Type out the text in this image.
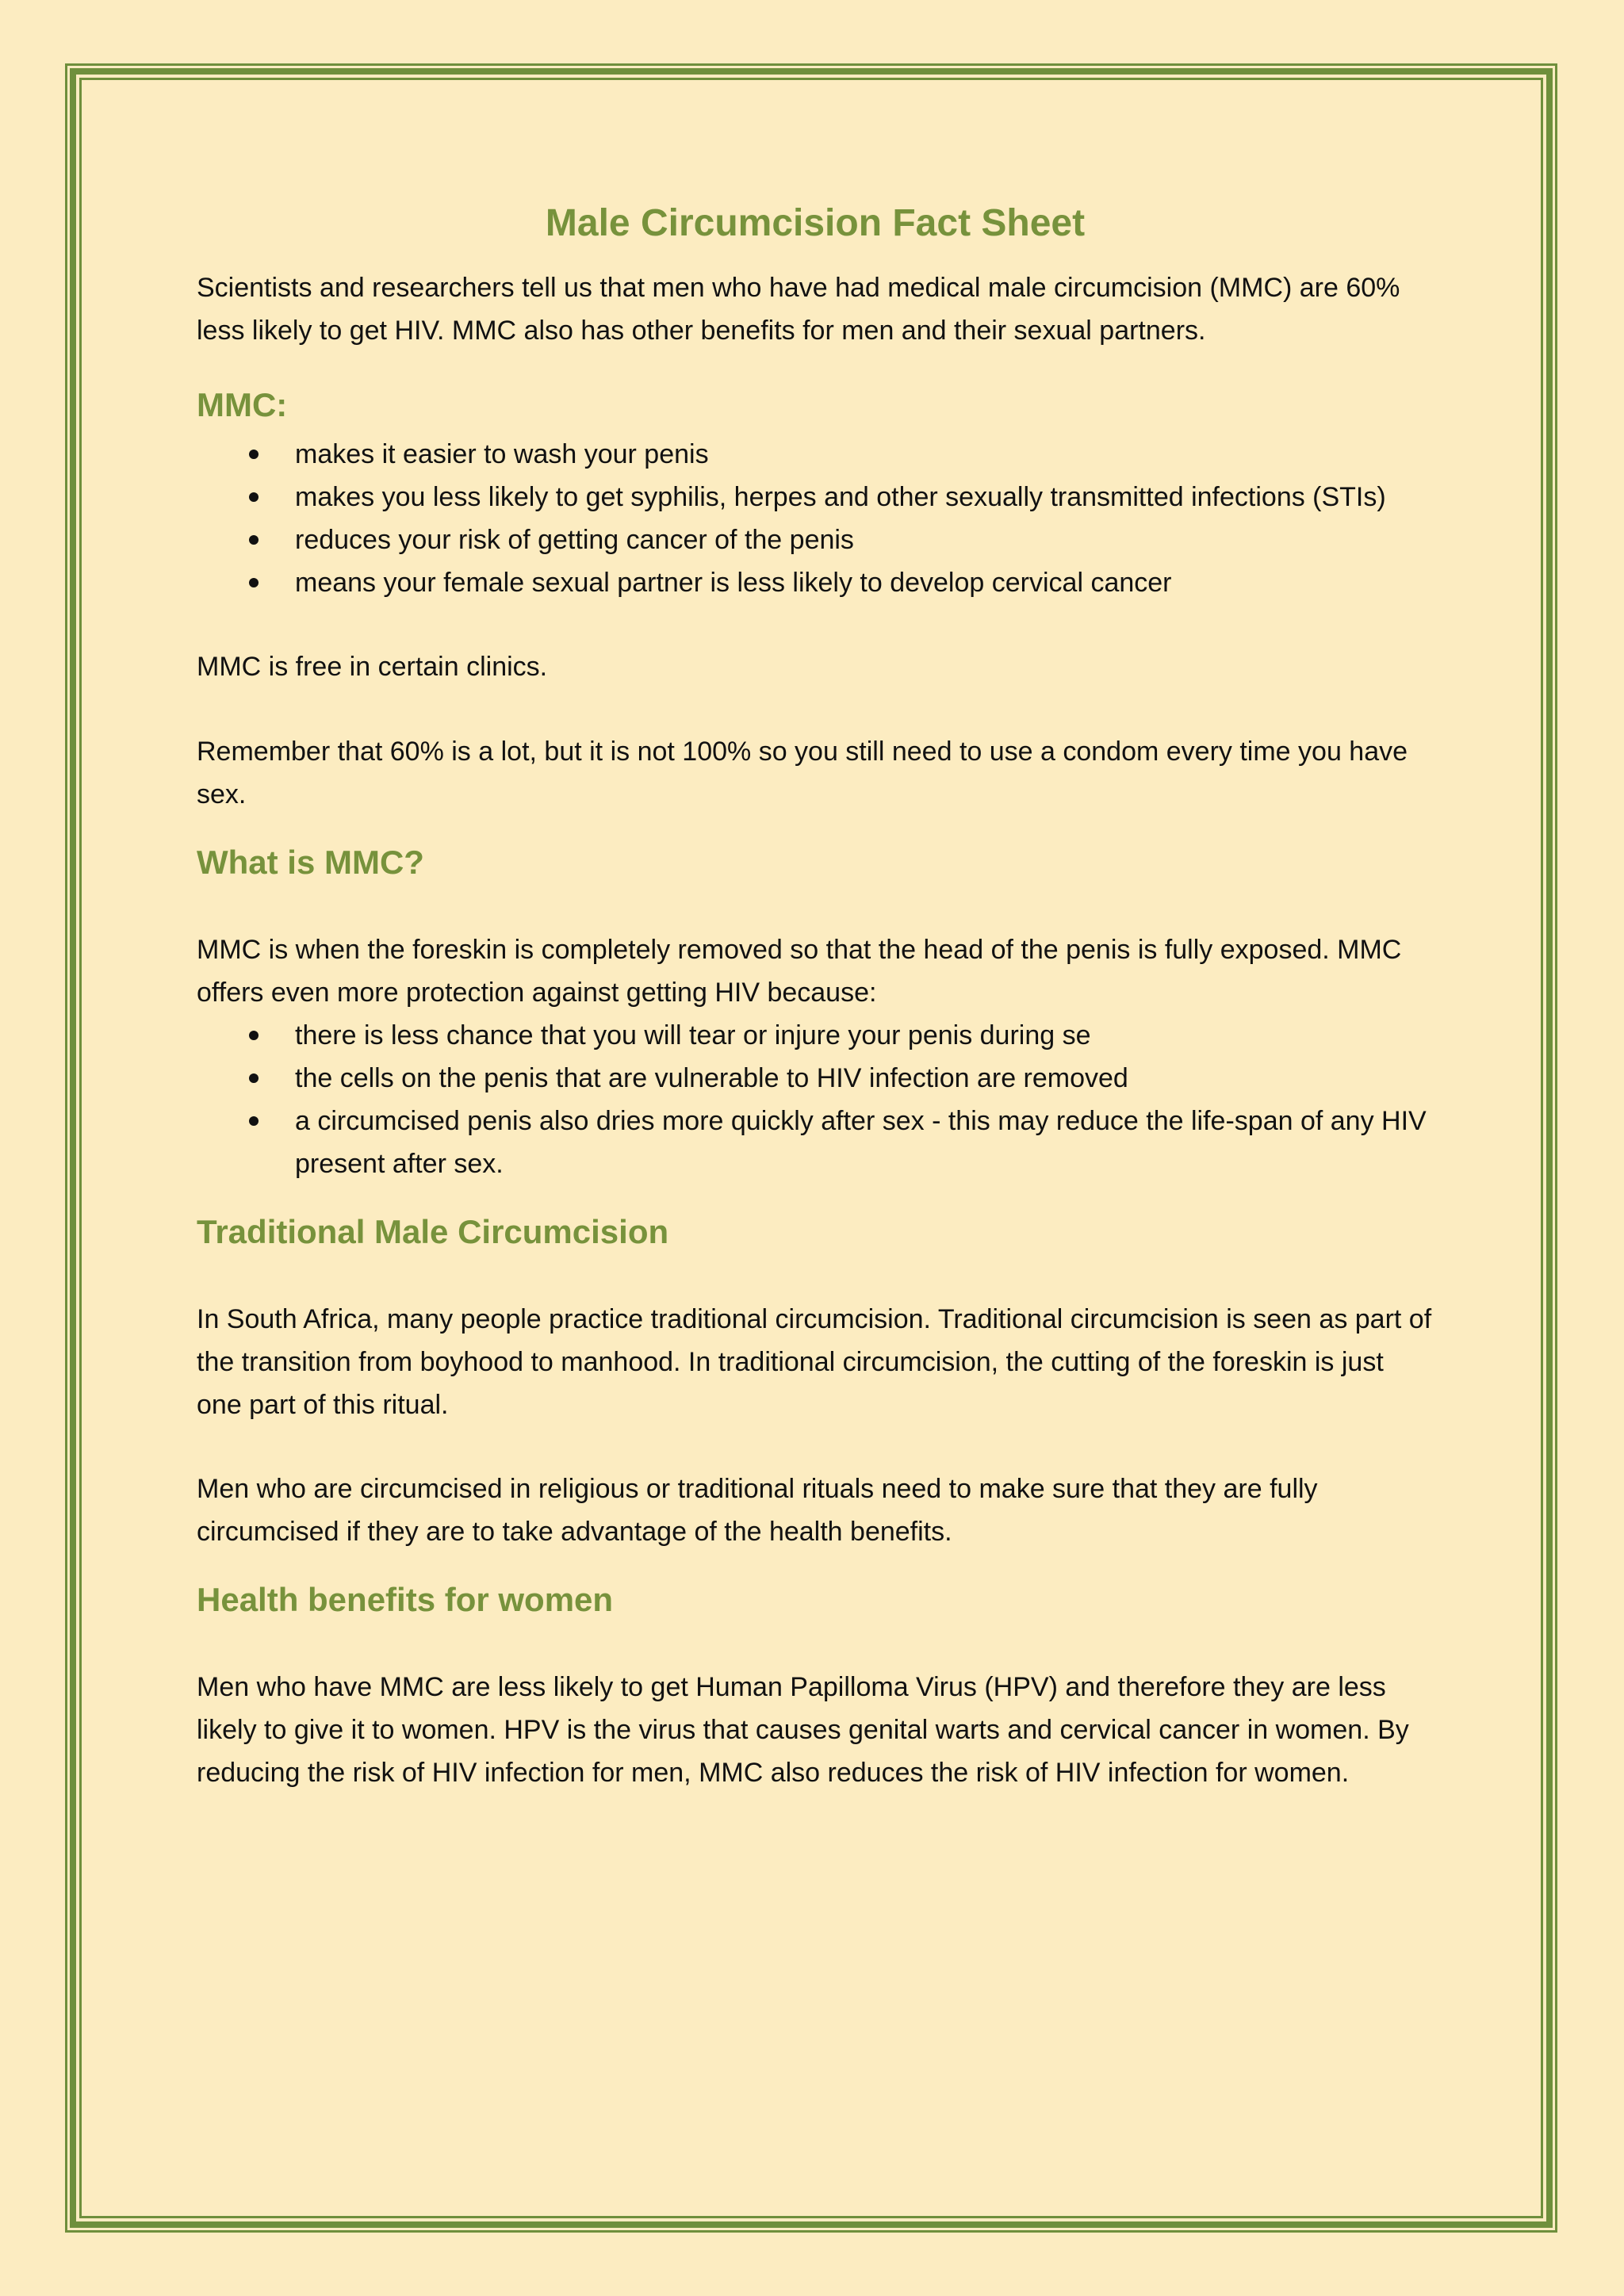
Male Circumcision Fact Sheet

Scientists and researchers tell us that men who have had medical male circumcision (MMC) are 60% less likely to get HIV. MMC also has other benefits for men and their sexual partners.

MMC:
makes it easier to wash your penis
makes you less likely to get syphilis, herpes and other sexually transmitted infections (STIs)
reduces your risk of getting cancer of the penis
means your female sexual partner is less likely to develop cervical cancer

MMC is free in certain clinics.

Remember that 60% is a lot, but it is not 100% so you still need to use a condom every time you have sex.

What is MMC?

MMC is when the foreskin is completely removed so that the head of the penis is fully exposed. MMC offers even more protection against getting HIV because:

there is less chance that you will tear or injure your penis during se
the cells on the penis that are vulnerable to HIV infection are removed
a circumcised penis also dries more quickly after sex - this may reduce the life-span of any HIV present after sex.
Traditional Male Circumcision

In South Africa, many people practice traditional circumcision. Traditional circumcision is seen as part of the transition from boyhood to manhood. In traditional circumcision, the cutting of the foreskin is just one part of this ritual.

Men who are circumcised in religious or traditional rituals need to make sure that they are fully circumcised if they are to take advantage of the health benefits.

Health benefits for women

Men who have MMC are less likely to get Human Papilloma Virus (HPV) and therefore they are less likely to give it to women. HPV is the virus that causes genital warts and cervical cancer in women. By reducing the risk of HIV infection for men, MMC also reduces the risk of HIV infection for women.
